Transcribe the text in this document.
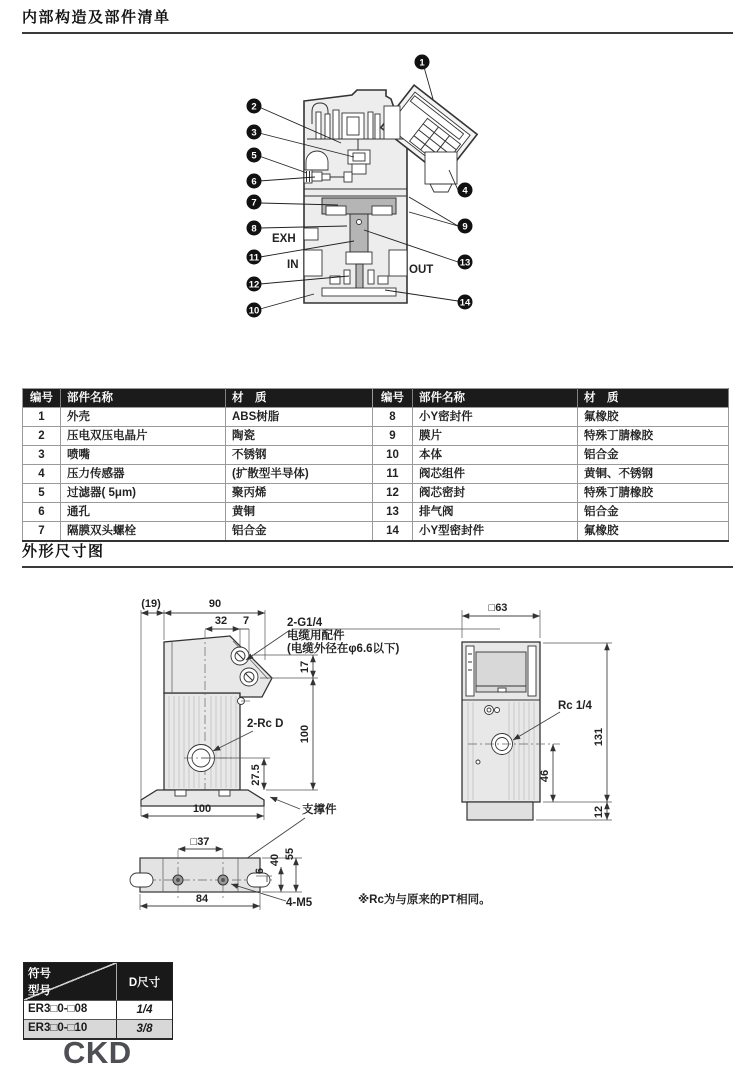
内部构造及部件清单
EXH
IN	OUT
1
2
3
5
6
7
8
11
12
10
4
9
13
14
编号	部件名称	材　质
1	外壳	ABS树脂
2	压电双压电晶片	陶瓷
3	喷嘴	不锈钢
4	压力传感器	(扩散型半导体)
5	过滤器( 5μm)	聚丙烯
6	通孔	黄铜
7	隔膜双头螺栓	铝合金
编号	部件名称	材　质
8	小Y密封件	氟橡胶
9	膜片	特殊丁腈橡胶
10	本体	铝合金
11	阀芯组件	黄铜、不锈钢
12	阀芯密封	特殊丁腈橡胶
13	排气阀	铝合金
14	小Y型密封件	氟橡胶
外形尺寸图
(19)	90
32 7	2-G1/4
电缆用配件
(电缆外径在φ6.6以下)
17
100
2-Rc D
27.5
100	支撑件
□63
Rc 1/4
131
46
12
□37
84	4-M5
6
40 55
※Rc为与原来的PT相同。
符号
型号
D尺寸
ER3□0-□08	1/4
ER3□0-□10	3/8
CKD
